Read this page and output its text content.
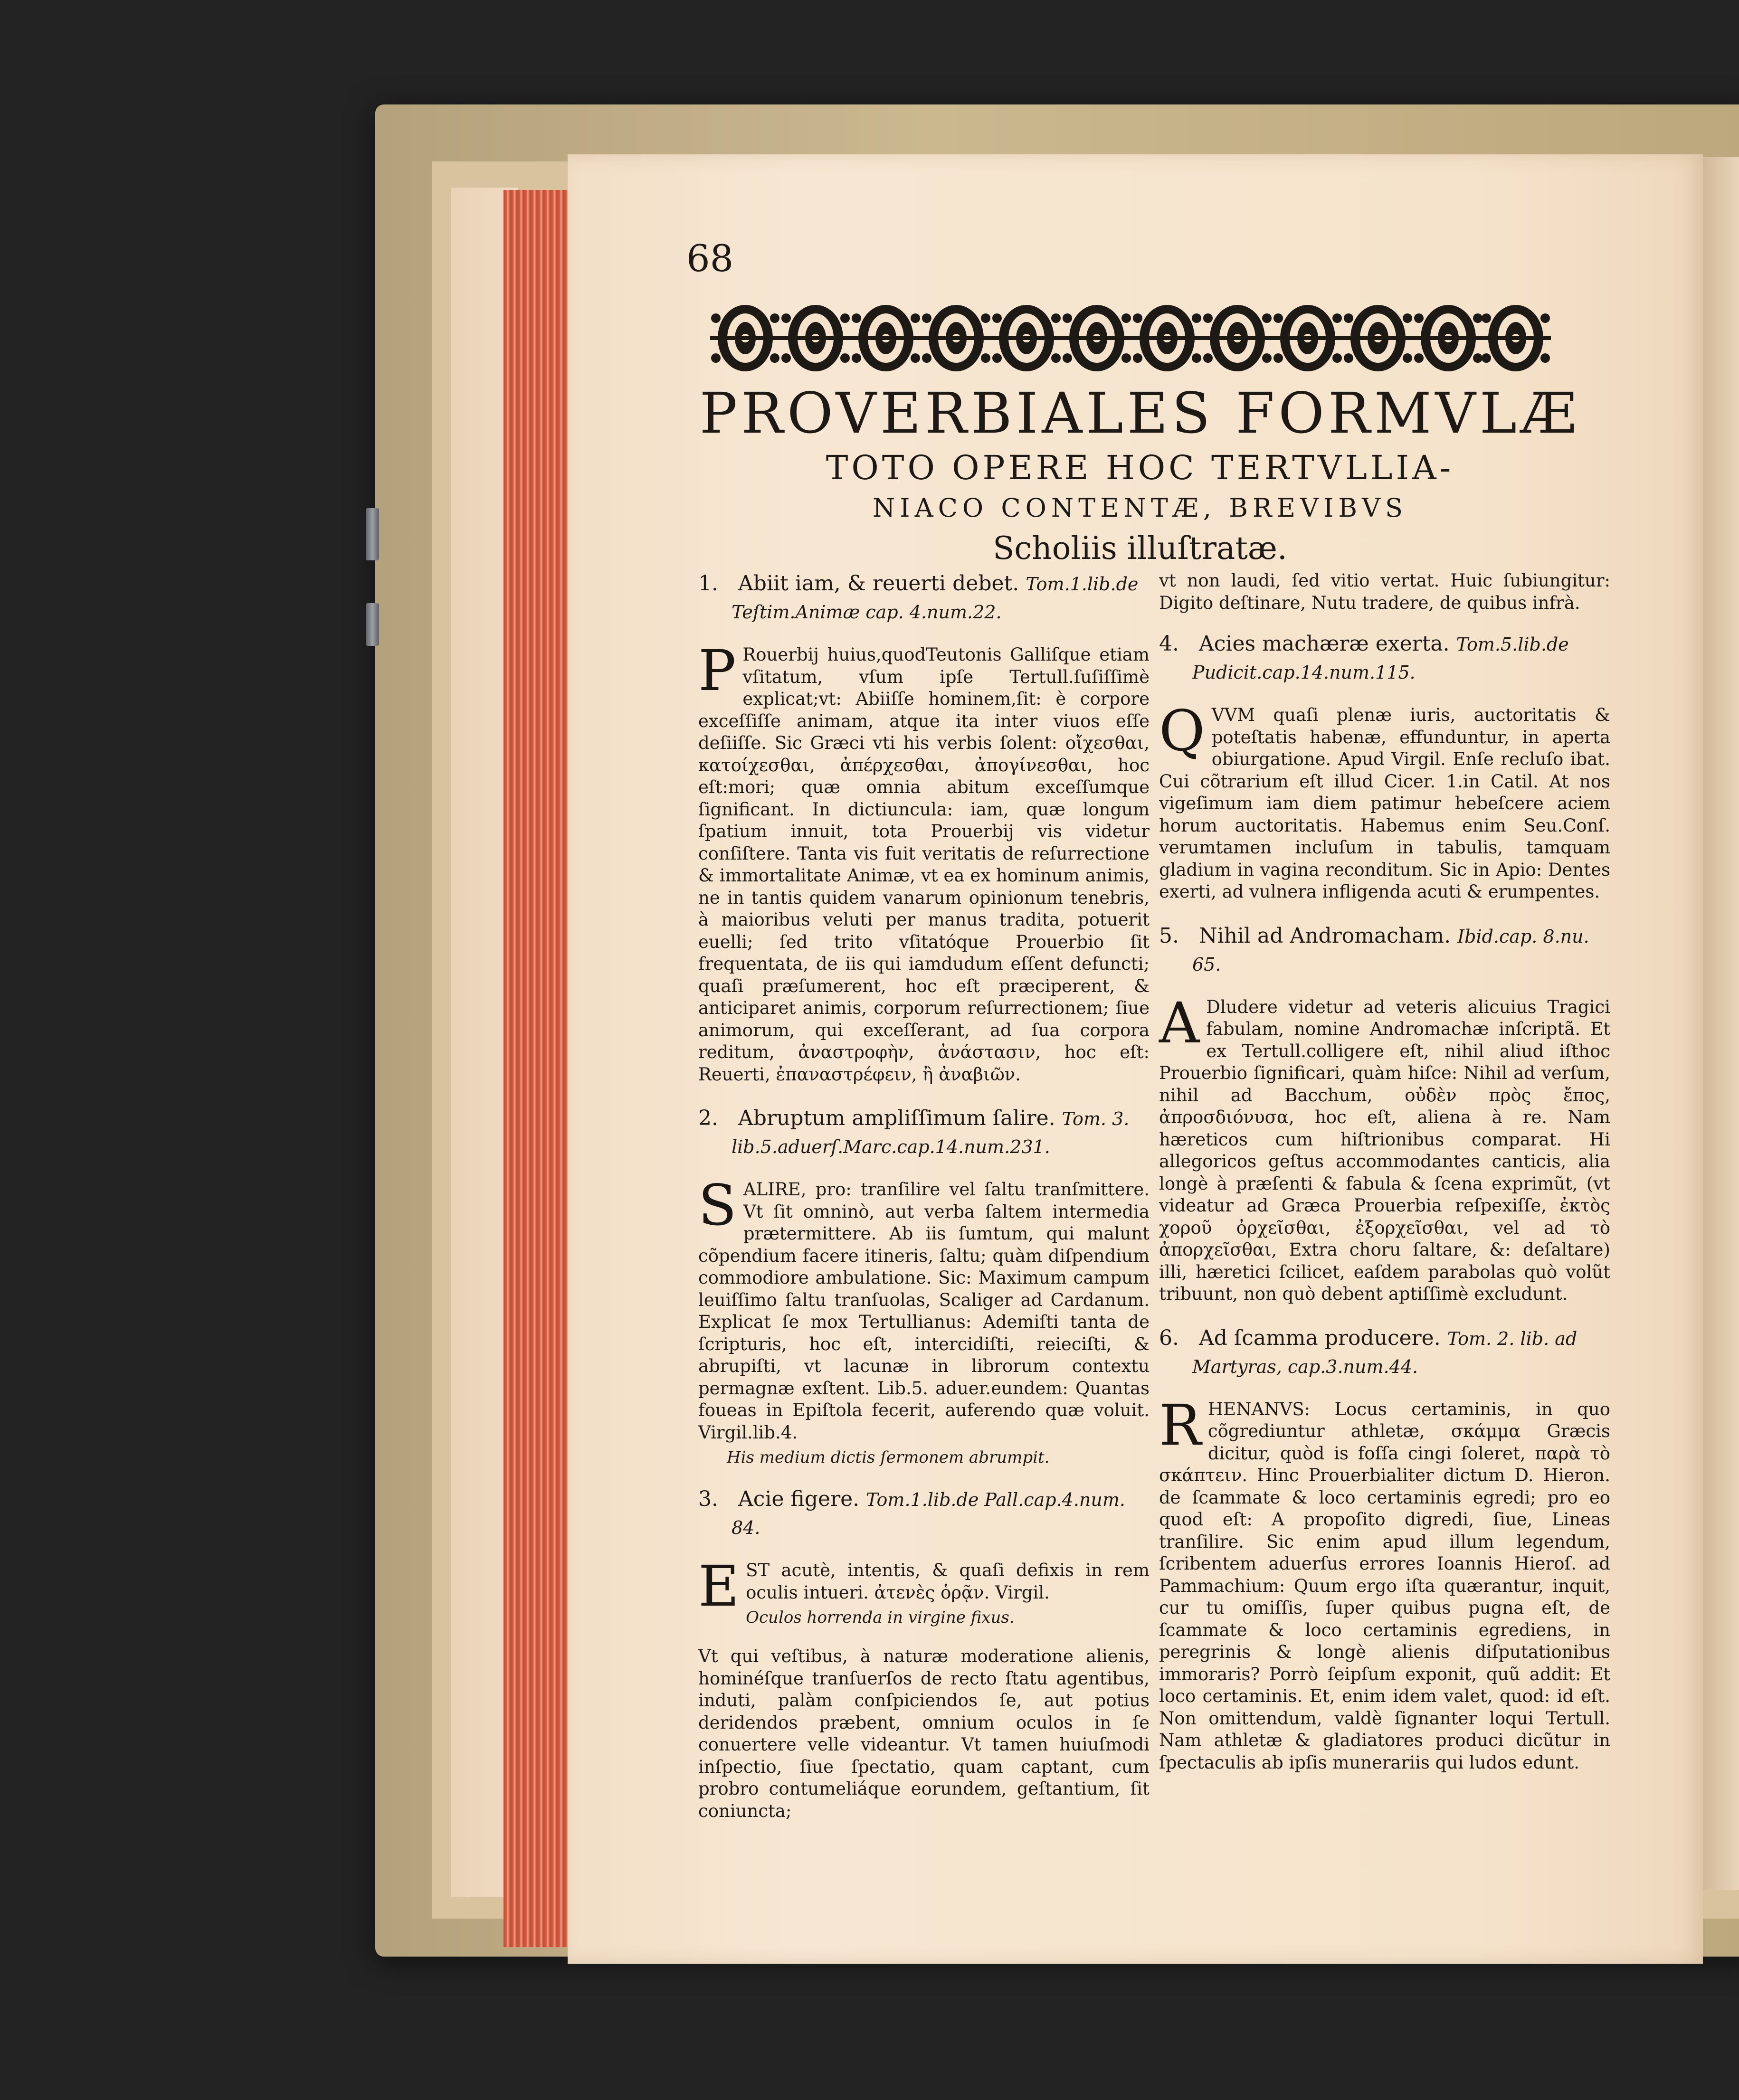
68
PROVERBIALES FORMVLÆ
TOTO OPERE HOC TERTVLLIA-
NIACO CONTENTÆ, BREVIBVS
Scholiis illuſtratæ.
1. Abiit iam, & reuerti debet. Tom.1.lib.de Teſtim.Animæ cap. 4.num.22.
P Rouerbij huius,quodTeutonis Galliſque etiam vſitatum, vſum ipſe Tertull.ſuſiſſimè explicat;vt: Abiiſſe hominem,ſit: è corpore exceſſiſſe animam, atque ita inter viuos eſſe deſiiſſe. Sic Græci vti his verbis ſolent: οἴχεσθαι, κατοίχεσθαι, ἀπέρχεσθαι, ἀπογίνεσθαι, hoc eſt:mori; quæ omnia abitum exceſſumque ſignificant. In dictiuncula: iam, quæ longum ſpatium innuit, tota Prouerbij vis videtur conſiſtere. Tanta vis fuit veritatis de reſurrectione & immortalitate Animæ, vt ea ex hominum animis, ne in tantis quidem vanarum opinionum tenebris, à maioribus veluti per manus tradita, potuerit euelli; ſed trito vſitatóque Prouerbio ſit frequentata, de iis qui iamdudum eſſent defuncti; quaſi præſumerent, hoc eſt præciperent, & anticiparet animis, corporum reſurrectionem; ſiue animorum, qui exceſſerant, ad ſua corpora reditum, ἀναστροφὴν, ἀνάστασιν, hoc eſt: Reuerti, ἐπαναστρέφειν, ἢ ἀναβιῶν.
2. Abruptum ampliſſimum ſalire. Tom. 3. lib.5.aduerſ.Marc.cap.14.num.231.
S ALIRE, pro: tranſilire vel ſaltu tranſmittere. Vt ſit omninò, aut verba ſaltem intermedia prætermittere. Ab iis ſumtum, qui malunt cõpendium facere itineris, ſaltu; quàm diſpendium commodiore ambulatione. Sic: Maximum campum leuiſſimo ſaltu tranſuolas, Scaliger ad Cardanum. Explicat ſe mox Tertullianus: Ademiſti tanta de ſcripturis, hoc eſt, intercidiſti, reieciſti, & abrupiſti, vt lacunæ in librorum contextu permagnæ exſtent. Lib.5. aduer.eundem: Quantas foueas in Epiſtola fecerit, auferendo quæ voluit. Virgil.lib.4.
His medium dictis ſermonem abrumpit.
3. Acie figere. Tom.1.lib.de Pall.cap.4.num. 84.
E ST acutè, intentis, & quaſi defixis in rem oculis intueri. ἀτενὲς ὁρᾷν. Virgil.
Oculos horrenda in virgine fixus.
Vt qui veſtibus, à naturæ moderatione alienis, hominéſque tranſuerſos de recto ſtatu agentibus, induti, palàm conſpiciendos ſe, aut potius deridendos præbent, omnium oculos in ſe conuertere velle videantur. Vt tamen huiuſmodi inſpectio, ſiue ſpectatio, quam captant, cum probro contumeliáque eorundem, geſtantium, ſit coniuncta;
vt non laudi, ſed vitio vertat. Huic ſubiungitur: Digito deſtinare, Nutu tradere, de quibus infrà.
4. Acies machæræ exerta. Tom.5.lib.de Pudicit.cap.14.num.115.
Q VVM quaſi plenæ iuris, auctoritatis & poteſtatis habenæ, effunduntur, in aperta obiurgatione. Apud Virgil. Enſe recluſo ibat. Cui cõtrarium eſt illud Cicer. 1.in Catil. At nos vigeſimum iam diem patimur hebeſcere aciem horum auctoritatis. Habemus enim Seu.Conſ. verumtamen incluſum in tabulis, tamquam gladium in vagina reconditum. Sic in Apio: Dentes exerti, ad vulnera infligenda acuti & erumpentes.
5. Nihil ad Andromacham. Ibid.cap. 8.nu. 65.
A Dludere videtur ad veteris alicuius Tragici fabulam, nomine Andromachæ inſcriptã. Et ex Tertull.colligere eſt, nihil aliud iſthoc Prouerbio ſignificari, quàm hiſce: Nihil ad verſum, nihil ad Bacchum, οὐδὲν πρὸς ἔπος, ἀπροσδιόνυσα, hoc eſt, aliena à re. Nam hæreticos cum hiſtrionibus comparat. Hi allegoricos geſtus accommodantes canticis, alia longè à præſenti & fabula & ſcena exprimũt, (vt videatur ad Græca Prouerbia reſpexiſſe, ἐκτὸς χοροῦ ὀρχεῖσθαι, ἐξορχεῖσθαι, vel ad τὸ ἀπορχεῖσθαι, Extra choru ſaltare, &: deſaltare) illi, hæretici ſcilicet, eaſdem parabolas quò volũt tribuunt, non quò debent aptiſſimè excludunt.
6. Ad ſcamma producere. Tom. 2. lib. ad Martyras, cap.3.num.44.
R HENANVS: Locus certaminis, in quo cõgrediuntur athletæ, σκάμμα Græcis dicitur, quòd is foſſa cingi ſoleret, παρὰ τὸ σκάπτειν. Hinc Prouerbialiter dictum D. Hieron. de ſcammate & loco certaminis egredi; pro eo quod eſt: A propoſito digredi, ſiue, Lineas tranſilire. Sic enim apud illum legendum, ſcribentem aduerſus errores Ioannis Hieroſ. ad Pammachium: Quum ergo iſta quærantur, inquit, cur tu omiſſis, ſuper quibus pugna eſt, de ſcammate & loco certaminis egrediens, in peregrinis & longè alienis diſputationibus immoraris? Porrò ſeipſum exponit, quũ addit: Et loco certaminis. Et, enim idem valet, quod: id eſt. Non omittendum, valdè ſignanter loqui Tertull. Nam athletæ & gladiatores produci dicũtur in ſpectaculis ab ipſis munerariis qui ludos edunt.
